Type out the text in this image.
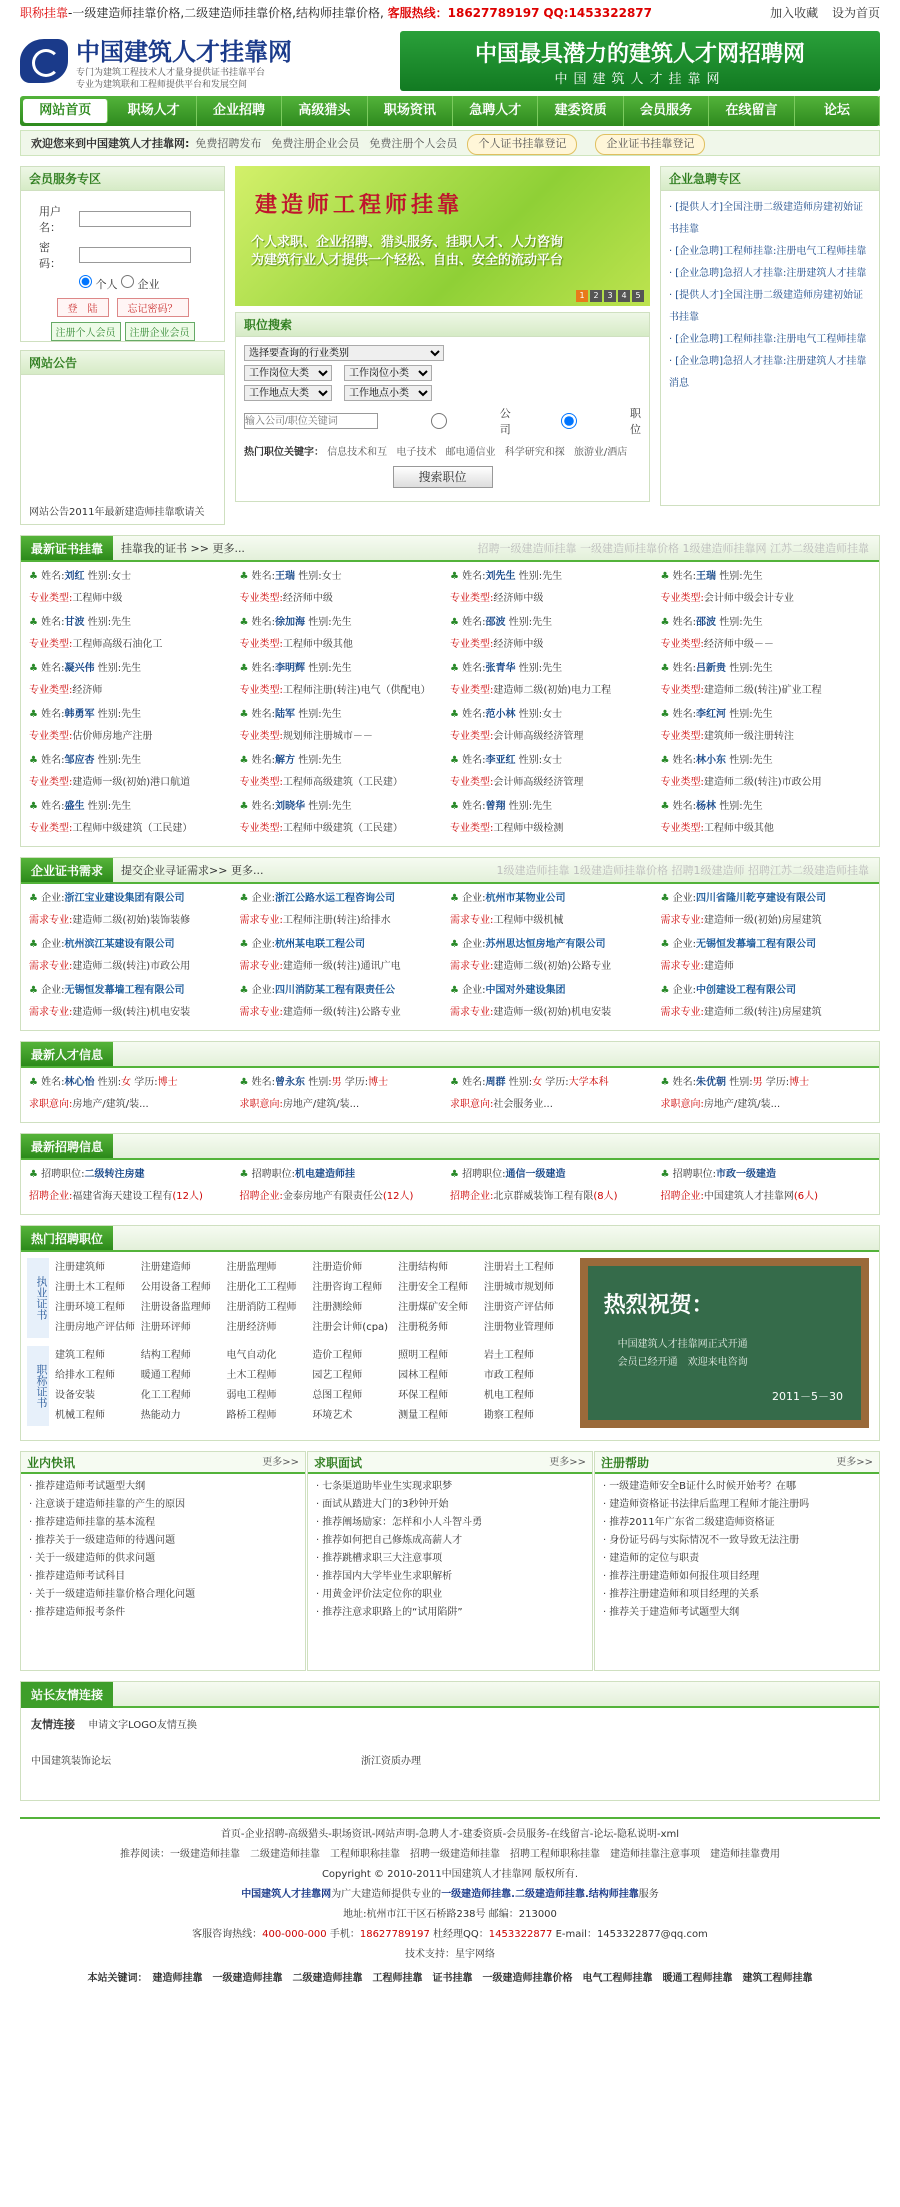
职称挂靠-一级建造师挂靠价格,二级建造师挂靠价格,结构师挂靠价格, 客服热线：18627789197 QQ:1453322877	加入收藏 设为首页
中国建筑人才挂靠网
专门为建筑工程技术人才量身提供证书挂靠平台
专业为建筑联和工程师提供平台和发展空间
中国最具潜力的建筑人才网招聘网
中国建筑人才挂靠网
网站首页	职场人才	企业招聘	高级猎头	职场资讯	急聘人才	建委资质	会员服务	在线留言	论坛
欢迎您来到中国建筑人才挂靠网: 免费招聘发布 免费注册企业会员 免费注册个人会员	个人证书挂靠登记	企业证书挂靠登记
会员服务专区
用户名：
密　码：
个人 企业
登　陆	忘记密码？
注册个人会员	注册企业会员
网站公告
网站公告2011年最新建造师挂靠歌请关
建造师工程师挂靠
个人求职、企业招聘、猎头服务、挂职人才、人力咨询
为建筑行业人才提供一个轻松、自由、安全的流动平台
1	2	3	4	5
职位搜索
选择要查询的行业类别
工作岗位大类
工作岗位小类
工作地点大类
工作地点小类
输入公司/职位关键词
公司

职位
热门职位关键字： 信息技术和互 电子技术 邮电通信业 科学研究和探 旅游业/酒店
搜索职位
企业急聘专区
· [提供人才]全国注册二级建造师房建初始证书挂靠
· [企业急聘]工程师挂靠:注册电气工程师挂靠
· [企业急聘]急招人才挂靠:注册建筑人才挂靠
· [提供人才]全国注册二级建造师房建初始证书挂靠
· [企业急聘]工程师挂靠:注册电气工程师挂靠
· [企业急聘]急招人才挂靠:注册建筑人才挂靠消息
最新证书挂靠	挂靠我的证书 >> 更多...	招聘一级建造师挂靠 一级建造师挂靠价格 1级建造师挂靠网 江苏二级建造师挂靠
♣ 姓名:刘红 性别:女士
专业类型:工程师中级
♣ 姓名:王瑞 性别:女士
专业类型:经济师中级
♣ 姓名:刘先生 性别:先生
专业类型:经济师中级
♣ 姓名:王瑞 性别:先生
专业类型:会计师中级会计专业
♣ 姓名:甘波 性别:先生
专业类型:工程师高级石油化工
♣ 姓名:徐加海 性别:先生
专业类型:工程师中级其他
♣ 姓名:邵波 性别:先生
专业类型:经济师中级
♣ 姓名:邵波 性别:先生
专业类型:经济师中级－－
♣ 姓名:凝兴伟 性别:先生
专业类型:经济师
♣ 姓名:李明辉 性别:先生
专业类型:工程师注册(转注)电气（供配电）
♣ 姓名:张青华 性别:先生
专业类型:建造师二级(初始)电力工程
♣ 姓名:吕新贵 性别:先生
专业类型:建造师二级(转注)矿业工程
♣ 姓名:韩勇军 性别:先生
专业类型:估价师房地产注册
♣ 姓名:陆军 性别:先生
专业类型:规划师注册城市－－
♣ 姓名:范小林 性别:女士
专业类型:会计师高级经济管理
♣ 姓名:李红河 性别:先生
专业类型:建筑师一级注册转注
♣ 姓名:邹应杏 性别:先生
专业类型:建造师一级(初始)港口航道
♣ 姓名:解方 性别:先生
专业类型:工程师高级建筑（工民建）
♣ 姓名:李亚红 性别:女士
专业类型:会计师高级经济管理
♣ 姓名:林小东 性别:先生
专业类型:建造师二级(转注)市政公用
♣ 姓名:盛生 性别:先生
专业类型:工程师中级建筑（工民建）
♣ 姓名:刘晓华 性别:先生
专业类型:工程师中级建筑（工民建）
♣ 姓名:曾翔 性别:先生
专业类型:工程师中级检测
♣ 姓名:杨林 性别:先生
专业类型:工程师中级其他
企业证书需求	提交企业寻证需求>> 更多...	1级建造师挂靠 1级建造师挂靠价格 招聘1级建造师 招聘江苏二级建造师挂靠
♣ 企业:浙江宝业建设集团有限公司
需求专业:建造师二级(初始)装饰装修
♣ 企业:浙江公路水运工程咨询公司
需求专业:工程师注册(转注)给排水
♣ 企业:杭州市某物业公司
需求专业:工程师中级机械
♣ 企业:四川省隆川乾亨建设有限公司
需求专业:建造师一级(初始)房屋建筑
♣ 企业:杭州滨江某建设有限公司
需求专业:建造师二级(转注)市政公用
♣ 企业:杭州某电联工程公司
需求专业:建造师一级(转注)通讯广电
♣ 企业:苏州思达恒房地产有限公司
需求专业:建造师二级(初始)公路专业
♣ 企业:无锡恒发幕墙工程有限公司
需求专业:建造师
♣ 企业:无锡恒发幕墙工程有限公司
需求专业:建造师一级(转注)机电安装
♣ 企业:四川消防某工程有限责任公
需求专业:建造师一级(转注)公路专业
♣ 企业:中国对外建设集团
需求专业:建造师一级(初始)机电安装
♣ 企业:中创建设工程有限公司
需求专业:建造师二级(转注)房屋建筑
最新人才信息
♣ 姓名:林心怡 性别:女 学历:博士
求职意向:房地产/建筑/装...
♣ 姓名:曾永东 性别:男 学历:博士
求职意向:房地产/建筑/装...
♣ 姓名:周群 性别:女 学历:大学本科
求职意向:社会服务业...
♣ 姓名:朱优朝 性别:男 学历:博士
求职意向:房地产/建筑/装...
最新招聘信息
♣ 招聘职位:二级转注房建
招聘企业:福建省海天建设工程有(12人)
♣ 招聘职位:机电建造师挂
招聘企业:金泰房地产有限责任公(12人)
♣ 招聘职位:通信一级建造
招聘企业:北京群威装饰工程有限(8人)
♣ 招聘职位:市政一级建造
招聘企业:中国建筑人才挂靠网(6人)
热门招聘职位
执业证书
注册建筑师	注册建造师	注册监理师	注册造价师	注册结构师	注册岩土工程师
注册土木工程师	公用设备工程师	注册化工工程师	注册咨询工程师	注册安全工程师	注册城市规划师
注册环境工程师	注册设备监理师	注册消防工程师	注册测绘师	注册煤矿安全师	注册资产评估师
注册房地产评估师 注册环评师	注册经济师	注册会计师(cpa)	注册税务师	注册物业管理师
职称证书
建筑工程师	结构工程师	电气自动化	造价工程师	照明工程师	岩土工程师
给排水工程师	暖通工程师	土木工程师	园艺工程师	园林工程师	市政工程师
设备安装	化工工程师	弱电工程师	总图工程师	环保工程师	机电工程师
机械工程师	热能动力	路桥工程师	环境艺术	测量工程师	勘察工程师
热烈祝贺：
中国建筑人才挂靠网正式开通
会员已经开通　欢迎来电咨询
2011－5－30
业内快讯	更多>>
· 推荐建造师考试题型大纲
· 注意谈于建造师挂靠的产生的原因
· 推荐建造师挂靠的基本流程
· 推荐关于一级建造师的待遇问题
· 关于一级建造师的供求问题
· 推荐建造师考试科目
· 关于一级建造师挂靠价格合理化问题
· 推荐建造师报考条件
求职面试	更多>>
· 七条渠道助毕业生实现求职梦
· 面试从踏进大门的3秒钟开始
· 推荐阐场励家：怎样和小人斗智斗勇
· 推荐如何把自己修炼成高薪人才
· 推荐跳槽求职三大注意事项
· 推荐国内大学毕业生求职解析
· 用黄金评价法定位你的职业
· 推荐注意求职路上的“试用陷阱”
注册帮助	更多>>
· 一级建造师安全B证什么时候开始考？在哪
· 建造师资格证书法律后监理工程师才能注册吗
· 推荐2011年广东省二级建造师资格证
· 身份证号码与实际情况不一致导致无法注册
· 建造师的定位与职责
· 推荐注册建造师如何报住项目经理
· 推荐注册建造师和项目经理的关系
· 推荐关于建造师考试题型大纲
站长友情连接
友情连接 申请文字LOGO友情互换
中国建筑装饰论坛	浙江资质办理
首页-企业招聘-高级猎头-职场资讯-网站声明-急聘人才-建委资质-会员服务-在线留言-论坛-隐私说明-xml
推荐阅读：一级建造师挂靠　二级建造师挂靠　工程师职称挂靠　招聘一级建造师挂靠　招聘工程师职称挂靠　建造师挂靠注意事项　建造师挂靠费用
Copyright © 2010-2011中国建筑人才挂靠网 版权所有.
中国建筑人才挂靠网为广大建造师提供专业的一级建造师挂靠.二级建造师挂靠.结构师挂靠服务
地址:杭州市江干区石桥路238号 邮编：213000
客服咨询热线：400-000-000 手机：18627789197 杜经理QQ：1453322877 E-mail：1453322877@qq.com
技术支持：星宇网络
本站关键词：　建造师挂靠　一级建造师挂靠　二级建造师挂靠　工程师挂靠　证书挂靠　一级建造师挂靠价格　电气工程师挂靠　暖通工程师挂靠　建筑工程师挂靠
